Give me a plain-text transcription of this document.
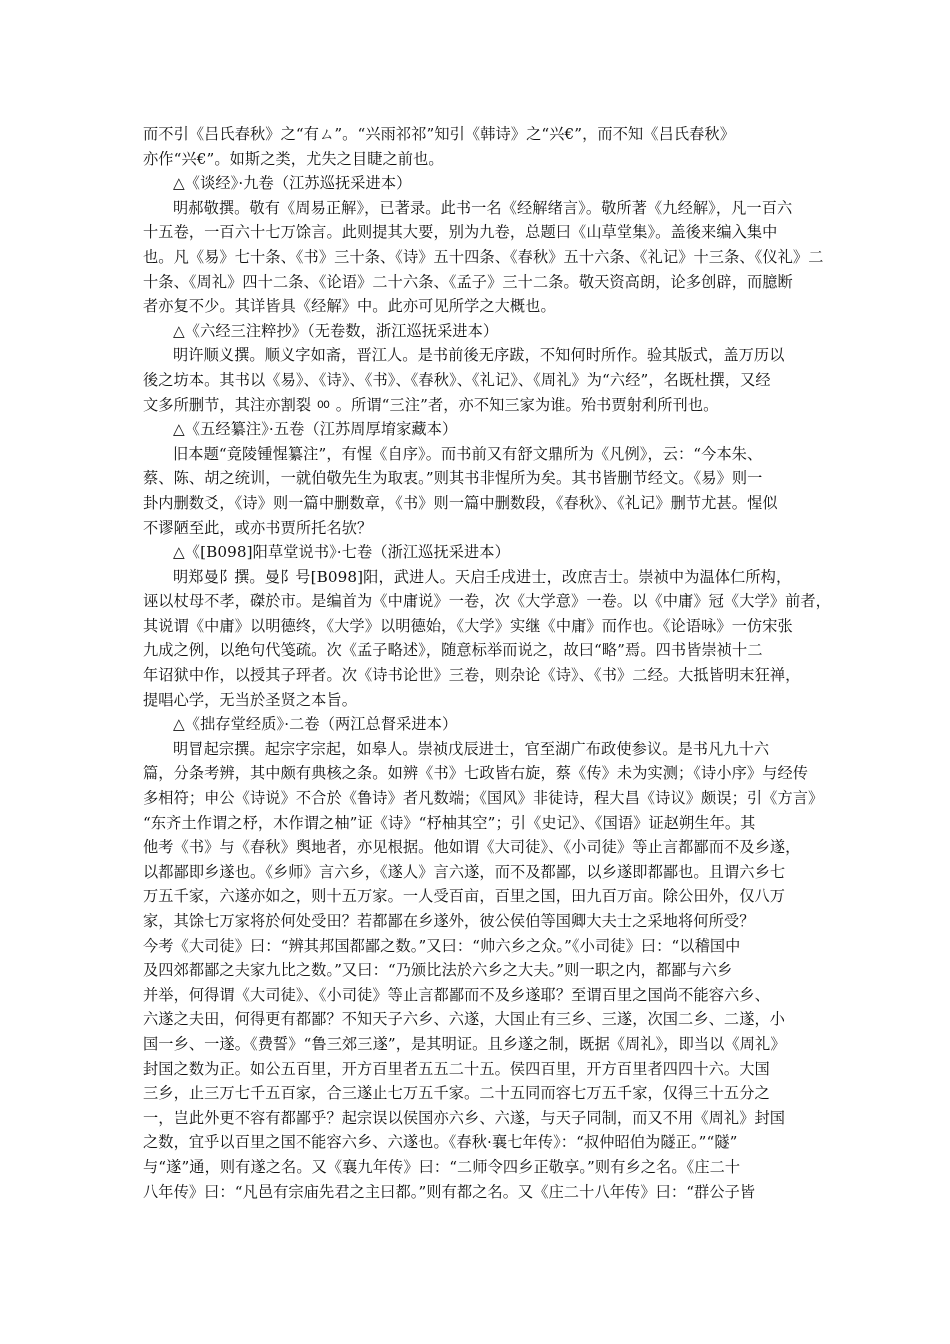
而不引《吕氏春秋》之“有ㄙ”。“兴雨祁祁”知引《韩诗》之“兴€”，而不知《吕氏春秋》
亦作“兴€”。如斯之类，尤失之目睫之前也。
△《谈经》·九卷（江苏巡抚采进本）
明郝敬撰。敬有《周易正解》，已著录。此书一名《经解绪言》。敬所著《九经解》，凡一百六
十五卷，一百六十七万馀言。此则提其大要，别为九卷，总题曰《山草堂集》。盖後来编入集中
也。凡《易》七十条、《书》三十条、《诗》五十四条、《春秋》五十六条、《礼记》十三条、《仪礼》二
十条、《周礼》四十二条、《论语》二十六条、《孟子》三十二条。敬天资高朗，论多创辟，而臆断
者亦复不少。其详皆具《经解》中。此亦可见所学之大概也。
△《六经三注粹抄》（无卷数，浙江巡抚采进本）
明许顺义撰。顺义字如斋，晋江人。是书前後无序跋，不知何时所作。验其版式，盖万历以
後之坊本。其书以《易》、《诗》、《书》、《春秋》、《礼记》、《周礼》为“六经”，名既杜撰，又经
文多所删节，其注亦割裂 ㆀ 。所谓“三注”者，亦不知三家为谁。殆书贾射利所刊也。
△《五经纂注》·五卷（江苏周厚堉家藏本）
旧本题“竟陵锺惺纂注”，有惺《自序》。而书前又有舒文鼎所为《凡例》，云：“今本朱、
蔡、陈、胡之统训，一就伯敬先生为取衷。”则其书非惺所为矣。其书皆删节经文。《易》则一
卦内删数爻，《诗》则一篇中删数章，《书》则一篇中删数段，《春秋》、《礼记》删节尤甚。惺似
不谬陋至此，或亦书贾所托名欤？
△《[B098]阳草堂说书》·七卷（浙江巡抚采进本）
明郑曼阝撰。曼阝号[B098]阳，武进人。天启壬戌进士，改庶吉士。崇祯中为温体仁所构，
诬以杖母不孝，磔於市。是编首为《中庸说》一卷，次《大学意》一卷。以《中庸》冠《大学》前者，
其说谓《中庸》以明德终，《大学》以明德始，《大学》实继《中庸》而作也。《论语咏》一仿宋张
九成之例，以绝句代笺疏。次《孟子略述》，随意标举而说之，故曰“略”焉。四书皆崇祯十二
年诏狱中作，以授其子玶者。次《诗书论世》三卷，则杂论《诗》、《书》二经。大抵皆明末狂禅，
提唱心学，无当於圣贤之本旨。
△《拙存堂经质》·二卷（两江总督采进本）
明冒起宗撰。起宗字宗起，如皋人。崇祯戊辰进士，官至湖广布政使参议。是书凡九十六
篇，分条考辨，其中颇有典核之条。如辨《书》七政皆右旋，蔡《传》未为实测；《诗小序》与经传
多相符；申公《诗说》不合於《鲁诗》者凡数端；《国风》非徒诗，程大昌《诗议》颇误；引《方言》
“东齐土作谓之杼，木作谓之柚”证《诗》“杼柚其空”；引《史记》、《国语》证赵朔生年。其
他考《书》与《春秋》舆地者，亦见根据。他如谓《大司徒》、《小司徒》等止言都鄙而不及乡遂，
以都鄙即乡遂也。《乡师》言六乡，《遂人》言六遂，而不及都鄙，以乡遂即都鄙也。且谓六乡七
万五千家，六遂亦如之，则十五万家。一人受百亩，百里之国，田九百万亩。除公田外，仅八万
家，其馀七万家将於何处受田？若都鄙在乡遂外，彼公侯伯等国卿大夫士之采地将何所受？
今考《大司徒》曰：“辨其邦国都鄙之数。”又曰：“帅六乡之众。”《小司徒》曰：“以稽国中
及四郊都鄙之夫家九比之数。”又曰：“乃颁比法於六乡之大夫。”则一职之内，都鄙与六乡
并举，何得谓《大司徒》、《小司徒》等止言都鄙而不及乡遂耶？至谓百里之国尚不能容六乡、
六遂之夫田，何得更有都鄙？不知天子六乡、六遂，大国止有三乡、三遂，次国二乡、二遂，小
国一乡、一遂。《费誓》“鲁三郊三遂”，是其明证。且乡遂之制，既据《周礼》，即当以《周礼》
封国之数为正。如公五百里，开方百里者五五二十五。侯四百里，开方百里者四四十六。大国
三乡，止三万七千五百家，合三遂止七万五千家。二十五同而容七万五千家，仅得三十五分之
一，岂此外更不容有都鄙乎？起宗误以侯国亦六乡、六遂，与天子同制，而又不用《周礼》封国
之数，宜乎以百里之国不能容六乡、六遂也。《春秋·襄七年传》：“叔仲昭伯为隧正。”“隧”
与“遂”通，则有遂之名。又《襄九年传》曰：“二师令四乡正敬享。”则有乡之名。《庄二十
八年传》曰：“凡邑有宗庙先君之主曰都。”则有都之名。又《庄二十八年传》曰：“群公子皆
